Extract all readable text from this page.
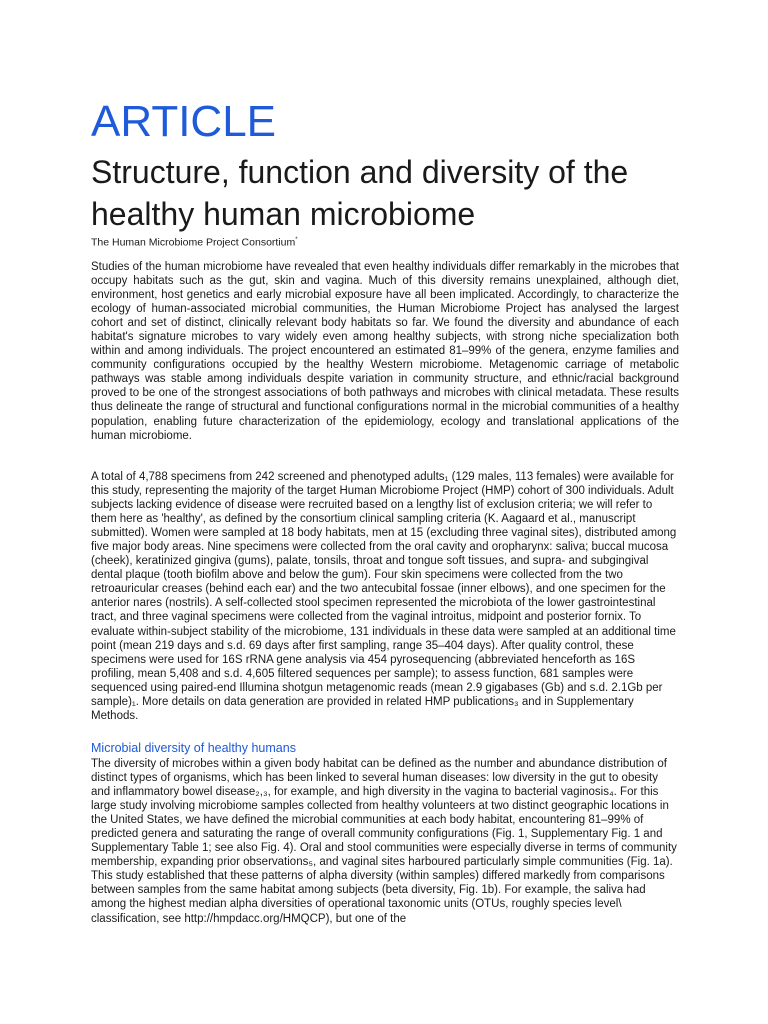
ARTICLE
Structure, function and diversity of the healthy human microbiome
The Human Microbiome Project Consortium*

Studies of the human microbiome have revealed that even healthy individuals differ remarkably in the microbes that occupy habitats such as the gut, skin and vagina. Much of this diversity remains unexplained, although diet, environment, host genetics and early microbial exposure have all been implicated. Accordingly, to characterize the ecology of human-associated microbial communities, the Human Microbiome Project has analysed the largest cohort and set of distinct, clinically relevant body habitats so far. We found the diversity and abundance of each habitat's signature microbes to vary widely even among healthy subjects, with strong niche specialization both within and among individuals. The project encountered an estimated 81–99% of the genera, enzyme families and community configurations occupied by the healthy Western microbiome. Metagenomic carriage of metabolic pathways was stable among individuals despite variation in community structure, and ethnic/racial background proved to be one of the strongest associations of both pathways and microbes with clinical metadata. These results thus delineate the range of structural and functional configurations normal in the microbial communities of a healthy population, enabling future characterization of the epidemiology, ecology and translational applications of the human microbiome.

A total of 4,788 specimens from 242 screened and phenotyped adults₁ (129 males, 113 females) were available for this study, representing the majority of the target Human Microbiome Project (HMP) cohort of 300 individuals. Adult subjects lacking evidence of disease were recruited based on a lengthy list of exclusion criteria; we will refer to them here as 'healthy', as defined by the consortium clinical sampling criteria (K. Aagaard et al., manuscript submitted). Women were sampled at 18 body habitats, men at 15 (excluding three vaginal sites), distributed among five major body areas. Nine specimens were collected from the oral cavity and oropharynx: saliva; buccal mucosa (cheek), keratinized gingiva (gums), palate, tonsils, throat and tongue soft tissues, and supra- and subgingival dental plaque (tooth biofilm above and below the gum). Four skin specimens were collected from the two retroauricular creases (behind each ear) and the two antecubital fossae (inner elbows), and one specimen for the anterior nares (nostrils). A self-collected stool specimen represented the microbiota of the lower gastrointestinal tract, and three vaginal specimens were collected from the vaginal introitus, midpoint and posterior fornix. To evaluate within-subject stability of the microbiome, 131 individuals in these data were sampled at an additional time point (mean 219 days and s.d. 69 days after first sampling, range 35–404 days). After quality control, these specimens were used for 16S rRNA gene analysis via 454 pyrosequencing (abbreviated henceforth as 16S profiling, mean 5,408 and s.d. 4,605 filtered sequences per sample); to assess function, 681 samples were sequenced using paired-end Illumina shotgun metagenomic reads (mean 2.9 gigabases (Gb) and s.d. 2.1Gb per sample)₁. More details on data generation are provided in related HMP publications₃ and in Supplementary Methods.

Microbial diversity of healthy humans

The diversity of microbes within a given body habitat can be defined as the number and abundance distribution of distinct types of organisms, which has been linked to several human diseases: low diversity in the gut to obesity and inflammatory bowel disease₂,₃, for example, and high diversity in the vagina to bacterial vaginosis₄. For this large study involving microbiome samples collected from healthy volunteers at two distinct geographic locations in the United States, we have defined the microbial communities at each body habitat, encountering 81–99% of predicted genera and saturating the range of overall community configurations (Fig. 1, Supplementary Fig. 1 and Supplementary Table 1; see also Fig. 4). Oral and stool communities were especially diverse in terms of community membership, expanding prior observations₅, and vaginal sites harboured particularly simple communities (Fig. 1a). This study established that these patterns of alpha diversity (within samples) differed markedly from comparisons between samples from the same habitat among subjects (beta diversity, Fig. 1b). For example, the saliva had among the highest median alpha diversities of operational taxonomic units (OTUs, roughly species level\ classification, see http://hmpdacc.org/HMQCP), but one of the
